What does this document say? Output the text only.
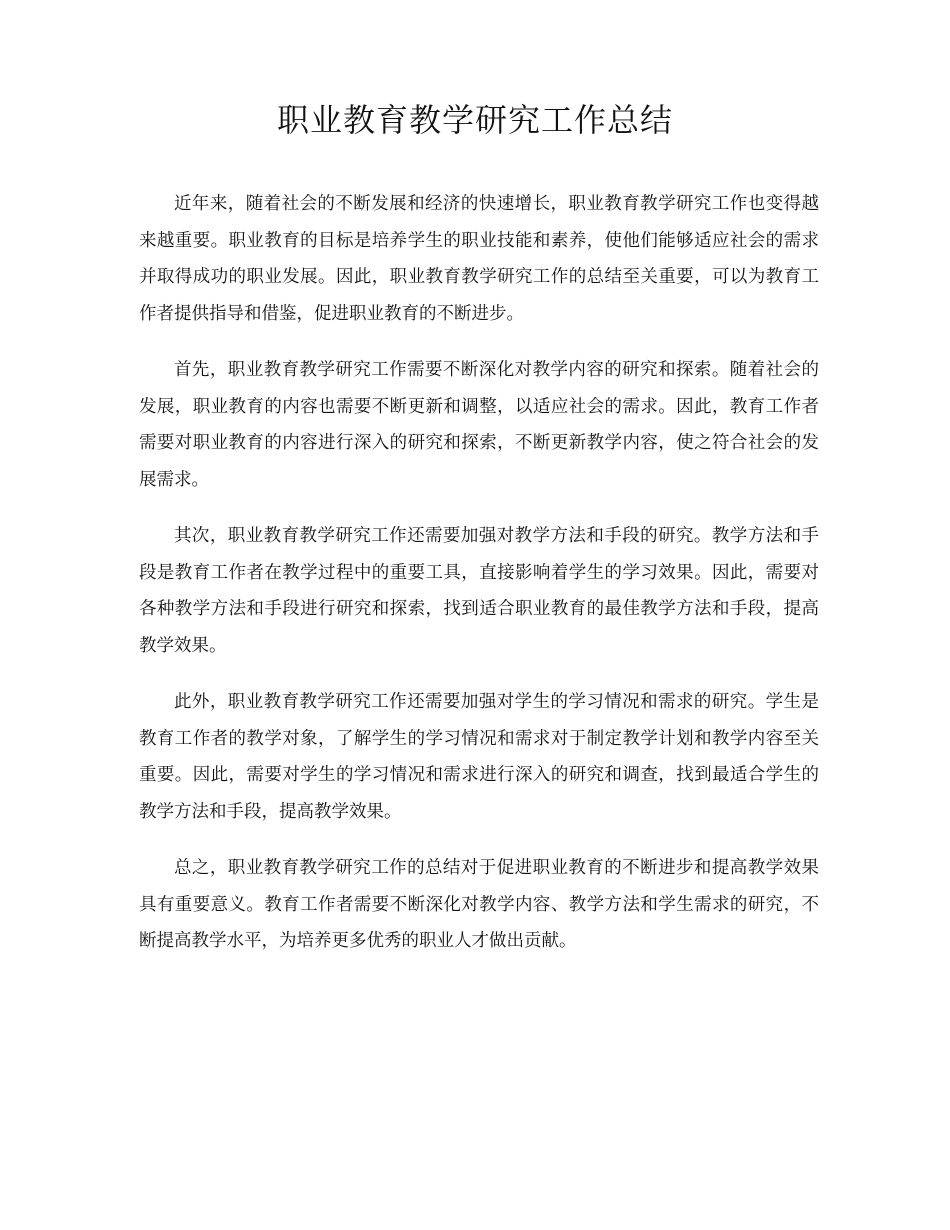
职业教育教学研究工作总结

近年来，随着社会的不断发展和经济的快速增长，职业教育教学研究工作也变得越来越重要。职业教育的目标是培养学生的职业技能和素养，使他们能够适应社会的需求并取得成功的职业发展。因此，职业教育教学研究工作的总结至关重要，可以为教育工作者提供指导和借鉴，促进职业教育的不断进步。

首先，职业教育教学研究工作需要不断深化对教学内容的研究和探索。随着社会的发展，职业教育的内容也需要不断更新和调整，以适应社会的需求。因此，教育工作者需要对职业教育的内容进行深入的研究和探索，不断更新教学内容，使之符合社会的发展需求。

其次，职业教育教学研究工作还需要加强对教学方法和手段的研究。教学方法和手段是教育工作者在教学过程中的重要工具，直接影响着学生的学习效果。因此，需要对各种教学方法和手段进行研究和探索，找到适合职业教育的最佳教学方法和手段，提高教学效果。

此外，职业教育教学研究工作还需要加强对学生的学习情况和需求的研究。学生是教育工作者的教学对象，了解学生的学习情况和需求对于制定教学计划和教学内容至关重要。因此，需要对学生的学习情况和需求进行深入的研究和调查，找到最适合学生的教学方法和手段，提高教学效果。

总之，职业教育教学研究工作的总结对于促进职业教育的不断进步和提高教学效果具有重要意义。教育工作者需要不断深化对教学内容、教学方法和学生需求的研究，不断提高教学水平，为培养更多优秀的职业人才做出贡献。
